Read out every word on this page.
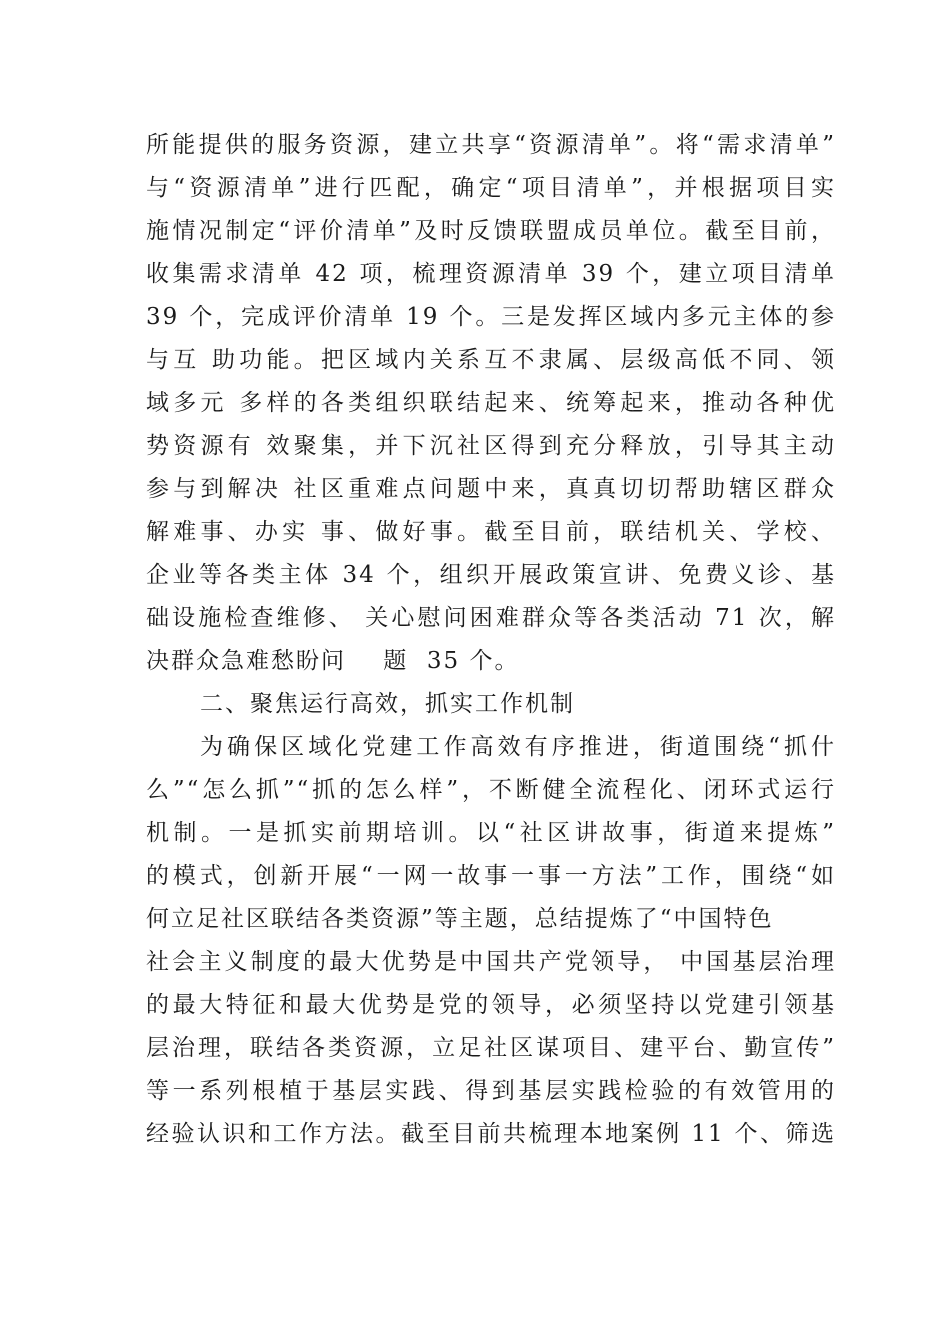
所能提供的服务资源，建立共享“资源清单”。将“需求清单”
与“资源清单”进行匹配，确定“项目清单”，并根据项目实
施情况制定“评价清单”及时反馈联盟成员单位。截至目前，
收集需求清单 42 项，梳理资源清单 39 个，建立项目清单
39 个，完成评价清单 19 个。三是发挥区域内多元主体的参
与互 助功能。把区域内关系互不隶属、层级高低不同、领
域多元 多样的各类组织联结起来、统筹起来，推动各种优
势资源有 效聚集，并下沉社区得到充分释放，引导其主动
参与到解决 社区重难点问题中来，真真切切帮助辖区群众
解难事、办实 事、做好事。截至目前，联结机关、学校、
企业等各类主体 34 个，组织开展政策宣讲、免费义诊、基
础设施检查维修、 关心慰问困难群众等各类活动 71 次，解
决群众急难愁盼问    题  35 个。
二、聚焦运行高效，抓实工作机制
为确保区域化党建工作高效有序推进，街道围绕“抓什
么”“怎么抓”“抓的怎么样”，不断健全流程化、闭环式运行
机制。一是抓实前期培训。以“社区讲故事，街道来提炼”
的模式，创新开展“一网一故事一事一方法”工作，围绕“如
何立足社区联结各类资源”等主题，总结提炼了“中国特色
社会主义制度的最大优势是中国共产党领导， 中国基层治理
的最大特征和最大优势是党的领导，必须坚持以党建引领基
层治理，联结各类资源，立足社区谋项目、建平台、勤宣传”
等一系列根植于基层实践、得到基层实践检验的有效管用的
经验认识和工作方法。截至目前共梳理本地案例 11 个、筛选
